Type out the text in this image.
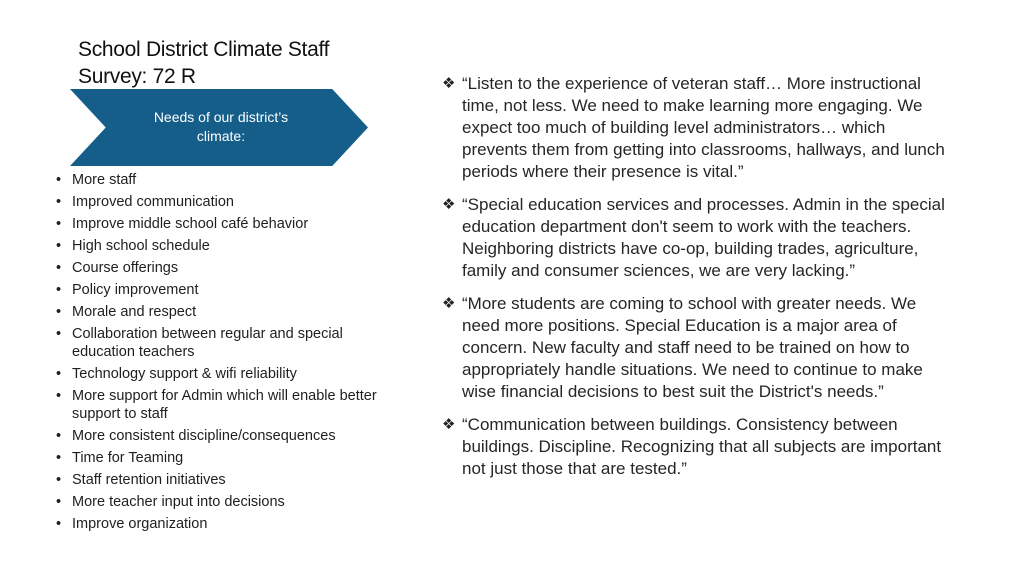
School District Climate Staff
Survey: 72 R
Needs of our district’s
climate:
• More staff
• Improved communication
• Improve middle school café behavior
• High school schedule
• Course offerings
• Policy improvement
• Morale and respect
• Collaboration between regular and special education teachers
• Technology support & wifi reliability
• More support for Admin which will enable better support to staff
• More consistent discipline/consequences
• Time for Teaming
• Staff retention initiatives
• More teacher input into decisions
• Improve organization
❖ “Listen to the experience of veteran staff… More instructional time, not less. We need to make learning more engaging. We expect too much of building level administrators… which prevents them from getting into classrooms, hallways, and lunch periods where their presence is vital.”
❖ “Special education services and processes. Admin in the special education department don't seem to work with the teachers. Neighboring districts have co-op, building trades, agriculture, family and consumer sciences, we are very lacking.”
❖ “More students are coming to school with greater needs. We need more positions. Special Education is a major area of concern. New faculty and staff need to be trained on how to appropriately handle situations. We need to continue to make wise financial decisions to best suit the District's needs.”
❖ “Communication between buildings. Consistency between buildings. Discipline. Recognizing that all subjects are important not just those that are tested.”
